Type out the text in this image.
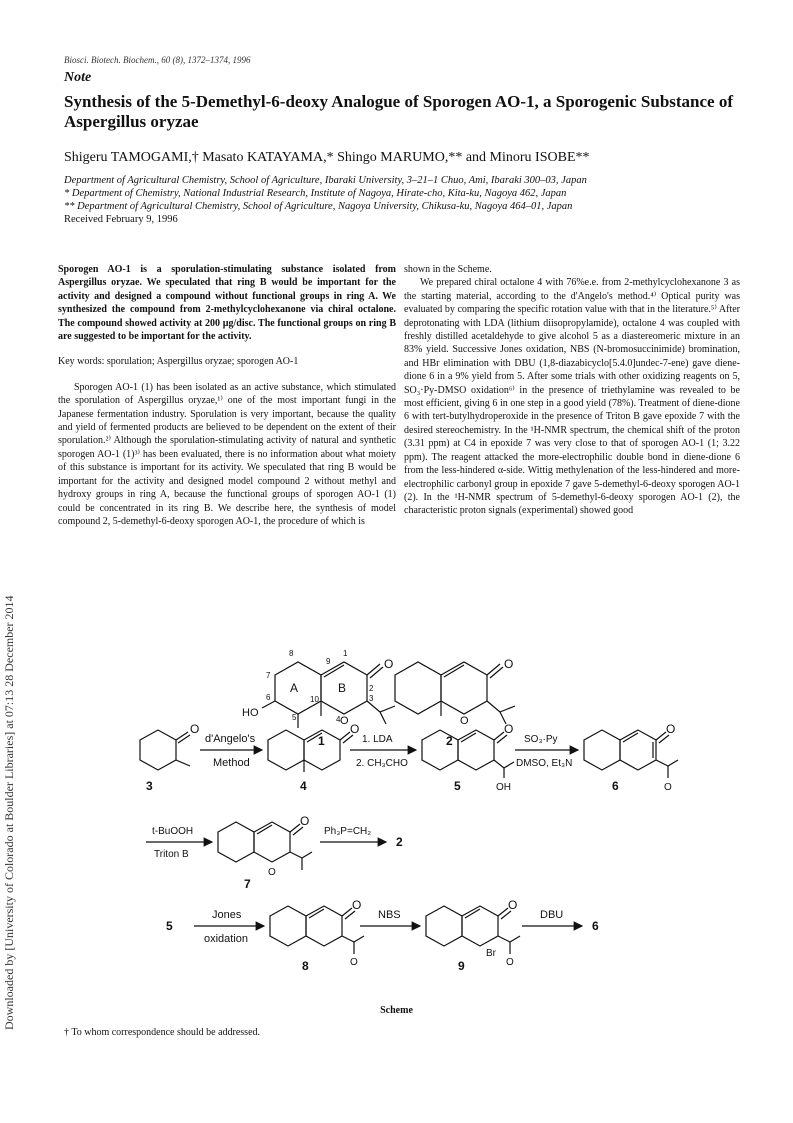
Biosci. Biotech. Biochem., 60 (8), 1372–1374, 1996
Note
Synthesis of the 5-Demethyl-6-deoxy Analogue of Sporogen AO-1, a Sporogenic Substance of Aspergillus oryzae
Shigeru TAMOGAMI,† Masato KATAYAMA,* Shingo MARUMO,** and Minoru ISOBE**
Department of Agricultural Chemistry, School of Agriculture, Ibaraki University, 3–21–1 Chuo, Ami, Ibaraki 300–03, Japan
* Department of Chemistry, National Industrial Research, Institute of Nagoya, Hirate-cho, Kita-ku, Nagoya 462, Japan
** Department of Agricultural Chemistry, School of Agriculture, Nagoya University, Chikusa-ku, Nagoya 464–01, Japan
Received February 9, 1996
Sporogen AO-1 is a sporulation-stimulating substance isolated from Aspergillus oryzae. We speculated that ring B would be important for the activity and designed a compound without functional groups in ring A. We synthesized the compound from 2-methylcyclohexanone via chiral octalone. The compound showed activity at 200 µg/disc. The functional groups on ring B are suggested to be important for the activity.
Key words: sporulation; Aspergillus oryzae; sporogen AO-1
Sporogen AO-1 (1) has been isolated as an active substance, which stimulated the sporulation of Aspergillus oryzae,¹⁾ one of the most important fungi in the Japanese fermentation industry. Sporulation is very important, because the quality and yield of fermented products are believed to be dependent on the extent of their sporulation.²⁾ Although the sporulation-stimulating activity of natural and synthetic sporogen AO-1 (1)³⁾ has been evaluated, there is no information about what moiety of this substance is important for its activity. We speculated that ring B would be important for the activity and designed model compound 2 without methyl and hydroxy groups in ring A, because the functional groups of sporogen AO-1 (1) could be concentrated in its ring B. We describe here, the synthesis of model compound 2, 5-demethyl-6-deoxy sporogen AO-1, the procedure of which is
shown in the Scheme.
We prepared chiral octalone 4 with 76%e.e. from 2-methylcyclohexanone 3 as the starting material, according to the d'Angelo's method.⁴⁾ Optical purity was evaluated by comparing the specific rotation value with that in the literature.⁵⁾ After deprotonating with LDA (lithium diisopropylamide), octalone 4 was coupled with freshly distilled acetaldehyde to give alcohol 5 as a diastereomeric mixture in an 83% yield. Successive Jones oxidation, NBS (N-bromosuccinimide) bromination, and HBr elimination with DBU (1,8-diazabicyclo[5.4.0]undec-7-ene) gave diene-dione 6 in a 9% yield from 5. After some trials with other oxidizing reagents on 5, SO₃·Py-DMSO oxidation⁶⁾ in the presence of triethylamine was revealed to be most efficient, giving 6 in one step in a good yield (78%). Treatment of diene-dione 6 with tert-butylhydroperoxide in the presence of Triton B gave epoxide 7 with the desired stereochemistry. In the ¹H-NMR spectrum, the chemical shift of the proton (3.31 ppm) at C4 in epoxide 7 was very close to that of sporogen AO-1 (1; 3.22 ppm). The reagent attacked the more-electrophilic double bond in diene-dione 6 from the less-hindered α-side. Wittig methylenation of the less-hindered and more-electrophilic carbonyl group in epoxide 7 gave 5-demethyl-6-deoxy sporogen AO-1 (2). In the ¹H-NMR spectrum of 5-demethyl-6-deoxy sporogen AO-1 (2), the characteristic proton signals (experimental) showed good
O
A	B
HO
O
1
2
3
4
5
6
7
8
9
10
1
O
O
2
O
3
d'Angelo's
Method
O
4
1. LDA
2. CH₃CHO
O
OH
5
SO₃·Py
DMSO, Et₃N
O
O
6
t-BuOOH
Triton B
O
O
7
Ph₃P=CH₂
2
5
Jones
oxidation
O
O
8
NBS
O
Br
O
9
DBU
6
Scheme
† To whom correspondence should be addressed.
Downloaded by [University of Colorado at Boulder Libraries] at 07:13 28 December 2014
